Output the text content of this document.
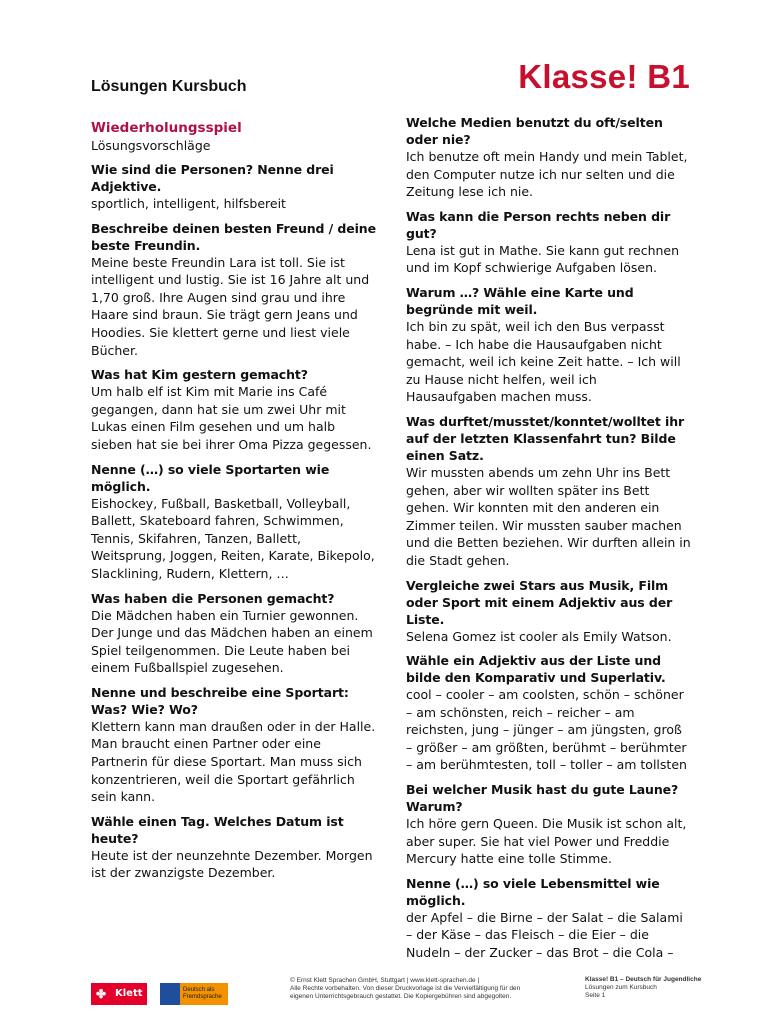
Lösungen Kursbuch	Klasse! B1
Wiederholungsspiel
Lösungsvorschläge
Wie sind die Personen? Nenne drei Adjektive.
sportlich, intelligent, hilfsbereit
Beschreibe deinen besten Freund / deine beste Freundin.
Meine beste Freundin Lara ist toll. Sie ist intelligent und lustig. Sie ist 16 Jahre alt und 1,70 groß. Ihre Augen sind grau und ihre Haare sind braun. Sie trägt gern Jeans und Hoodies. Sie klettert gerne und liest viele Bücher.
Was hat Kim gestern gemacht?
Um halb elf ist Kim mit Marie ins Café gegangen, dann hat sie um zwei Uhr mit Lukas einen Film gesehen und um halb sieben hat sie bei ihrer Oma Pizza gegessen.
Nenne (…) so viele Sportarten wie möglich.
Eishockey, Fußball, Basketball, Volleyball, Ballett, Skateboard fahren, Schwimmen, Tennis, Skifahren, Tanzen, Ballett, Weitsprung, Joggen, Reiten, Karate, Bikepolo, Slacklining, Rudern, Klettern, …
Was haben die Personen gemacht?
Die Mädchen haben ein Turnier gewonnen. Der Junge und das Mädchen haben an einem Spiel teilgenommen. Die Leute haben bei einem Fußballspiel zugesehen.
Nenne und beschreibe eine Sportart: Was? Wie? Wo?
Klettern kann man draußen oder in der Halle. Man braucht einen Partner oder eine Partnerin für diese Sportart. Man muss sich konzentrieren, weil die Sportart gefährlich sein kann.
Wähle einen Tag. Welches Datum ist heute?
Heute ist der neunzehnte Dezember. Morgen ist der zwanzigste Dezember.
Welche Medien benutzt du oft/selten oder nie?
Ich benutze oft mein Handy und mein Tablet, den Computer nutze ich nur selten und die Zeitung lese ich nie.
Was kann die Person rechts neben dir gut?
Lena ist gut in Mathe. Sie kann gut rechnen und im Kopf schwierige Aufgaben lösen.
Warum …? Wähle eine Karte und begründe mit weil.
Ich bin zu spät, weil ich den Bus verpasst habe. – Ich habe die Hausaufgaben nicht gemacht, weil ich keine Zeit hatte. – Ich will zu Hause nicht helfen, weil ich Hausaufgaben machen muss.
Was durftet/musstet/konntet/wolltet ihr auf der letzten Klassenfahrt tun? Bilde einen Satz.
Wir mussten abends um zehn Uhr ins Bett gehen, aber wir wollten später ins Bett gehen. Wir konnten mit den anderen ein Zimmer teilen. Wir mussten sauber machen und die Betten beziehen. Wir durften allein in die Stadt gehen.
Vergleiche zwei Stars aus Musik, Film oder Sport mit einem Adjektiv aus der Liste.
Selena Gomez ist cooler als Emily Watson.
Wähle ein Adjektiv aus der Liste und bilde den Komparativ und Superlativ.
cool – cooler – am coolsten, schön – schöner – am schönsten, reich – reicher – am reichsten, jung – jünger – am jüngsten, groß – größer – am größten, berühmt – berühmter – am berühmtesten, toll – toller – am tollsten
Bei welcher Musik hast du gute Laune? Warum?
Ich höre gern Queen. Die Musik ist schon alt, aber super. Sie hat viel Power und Freddie Mercury hatte eine tolle Stimme.
Nenne (…) so viele Lebensmittel wie möglich.
der Apfel – die Birne – der Salat – die Salami – der Käse – das Fleisch – die Eier – die Nudeln – der Zucker – das Brot – die Cola –
✤ Klett	Deutsch als Fremdsprache
© Ernst Klett Sprachen GmbH, Stuttgart | www.klett-sprachen.de |
Alle Rechte vorbehalten. Von dieser Druckvorlage ist die Vervielfältigung für den eigenen Unterrichtsgebrauch gestattet. Die Kopiergebühren sind abgegolten.
Klasse! B1 – Deutsch für Jugendliche
Lösungen zum Kursbuch
Seite 1
